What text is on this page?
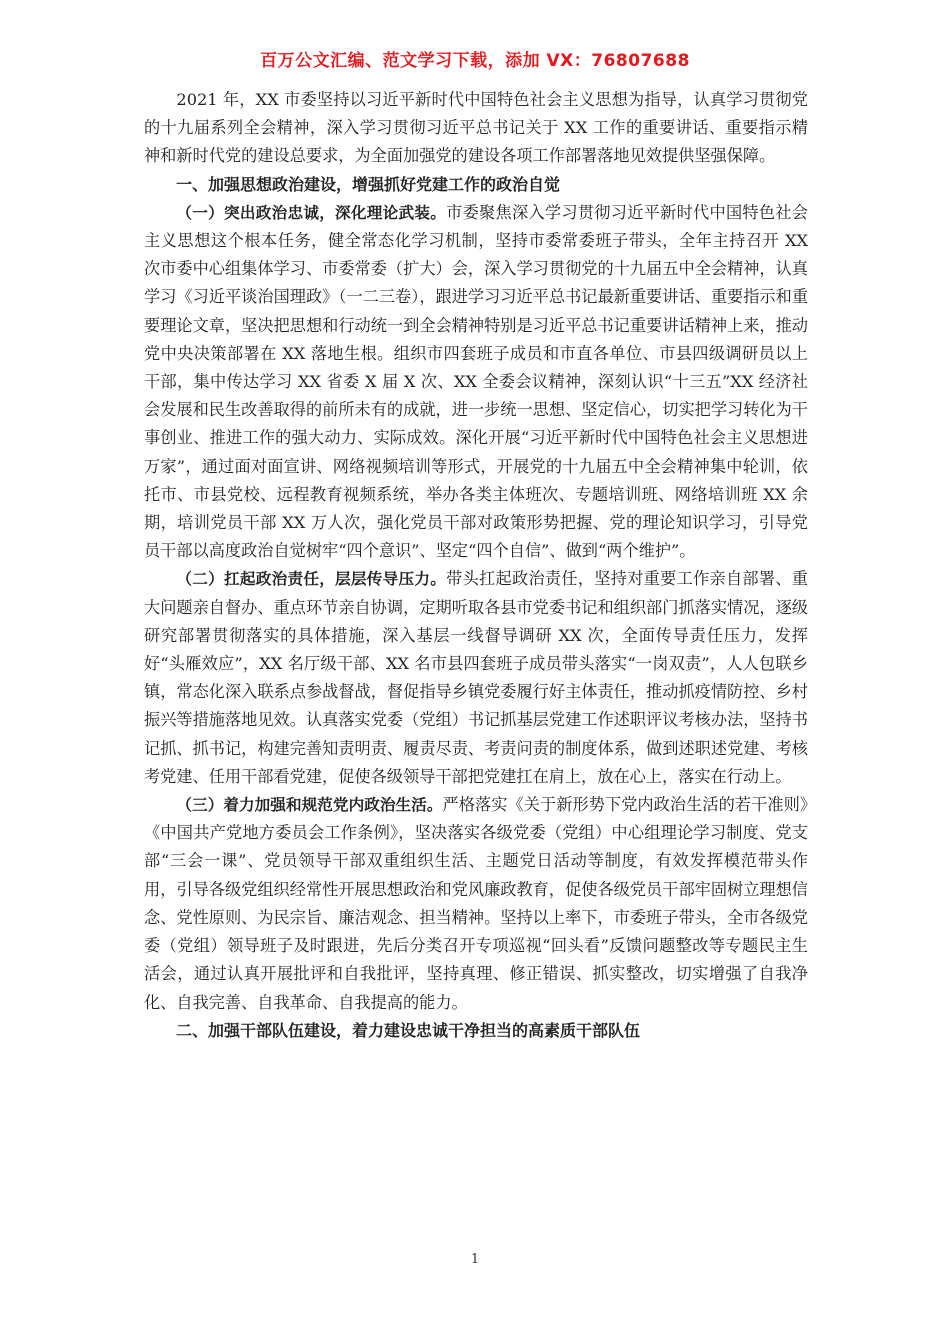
百万公文汇编、范文学习下载，添加 VX：76807688

2021 年，XX 市委坚持以习近平新时代中国特色社会主义思想为指导，认真学习贯彻党的十九届系列全会精神，深入学习贯彻习近平总书记关于 XX 工作的重要讲话、重要指示精神和新时代党的建设总要求，为全面加强党的建设各项工作部署落地见效提供坚强保障。

一、加强思想政治建设，增强抓好党建工作的政治自觉

（一）突出政治忠诚，深化理论武装。市委聚焦深入学习贯彻习近平新时代中国特色社会主义思想这个根本任务，健全常态化学习机制，坚持市委常委班子带头，全年主持召开 XX 次市委中心组集体学习、市委常委（扩大）会，深入学习贯彻党的十九届五中全会精神，认真学习《习近平谈治国理政》（一二三卷），跟进学习习近平总书记最新重要讲话、重要指示和重要理论文章，坚决把思想和行动统一到全会精神特别是习近平总书记重要讲话精神上来，推动党中央决策部署在 XX 落地生根。组织市四套班子成员和市直各单位、市县四级调研员以上干部，集中传达学习 XX 省委 X 届 X 次、XX 全委会议精神，深刻认识“十三五”XX 经济社会发展和民生改善取得的前所未有的成就，进一步统一思想、坚定信心，切实把学习转化为干事创业、推进工作的强大动力、实际成效。深化开展“习近平新时代中国特色社会主义思想进万家”，通过面对面宣讲、网络视频培训等形式，开展党的十九届五中全会精神集中轮训，依托市、市县党校、远程教育视频系统，举办各类主体班次、专题培训班、网络培训班 XX 余期，培训党员干部 XX 万人次，强化党员干部对政策形势把握、党的理论知识学习，引导党员干部以高度政治自觉树牢“四个意识”、坚定“四个自信”、做到“两个维护”。

（二）扛起政治责任，层层传导压力。带头扛起政治责任，坚持对重要工作亲自部署、重大问题亲自督办、重点环节亲自协调，定期听取各县市党委书记和组织部门抓落实情况，逐级研究部署贯彻落实的具体措施，深入基层一线督导调研 XX 次，全面传导责任压力，发挥好“头雁效应”，XX 名厅级干部、XX 名市县四套班子成员带头落实“一岗双责”，人人包联乡镇，常态化深入联系点参战督战，督促指导乡镇党委履行好主体责任，推动抓疫情防控、乡村振兴等措施落地见效。认真落实党委（党组）书记抓基层党建工作述职评议考核办法，坚持书记抓、抓书记，构建完善知责明责、履责尽责、考责问责的制度体系，做到述职述党建、考核考党建、任用干部看党建，促使各级领导干部把党建扛在肩上，放在心上，落实在行动上。

（三）着力加强和规范党内政治生活。严格落实《关于新形势下党内政治生活的若干准则》《中国共产党地方委员会工作条例》，坚决落实各级党委（党组）中心组理论学习制度、党支部“三会一课”、党员领导干部双重组织生活、主题党日活动等制度，有效发挥模范带头作用，引导各级党组织经常性开展思想政治和党风廉政教育，促使各级党员干部牢固树立理想信念、党性原则、为民宗旨、廉洁观念、担当精神。坚持以上率下，市委班子带头，全市各级党委（党组）领导班子及时跟进，先后分类召开专项巡视“回头看”反馈问题整改等专题民主生活会，通过认真开展批评和自我批评，坚持真理、修正错误、抓实整改，切实增强了自我净化、自我完善、自我革命、自我提高的能力。

二、加强干部队伍建设，着力建设忠诚干净担当的高素质干部队伍

1
